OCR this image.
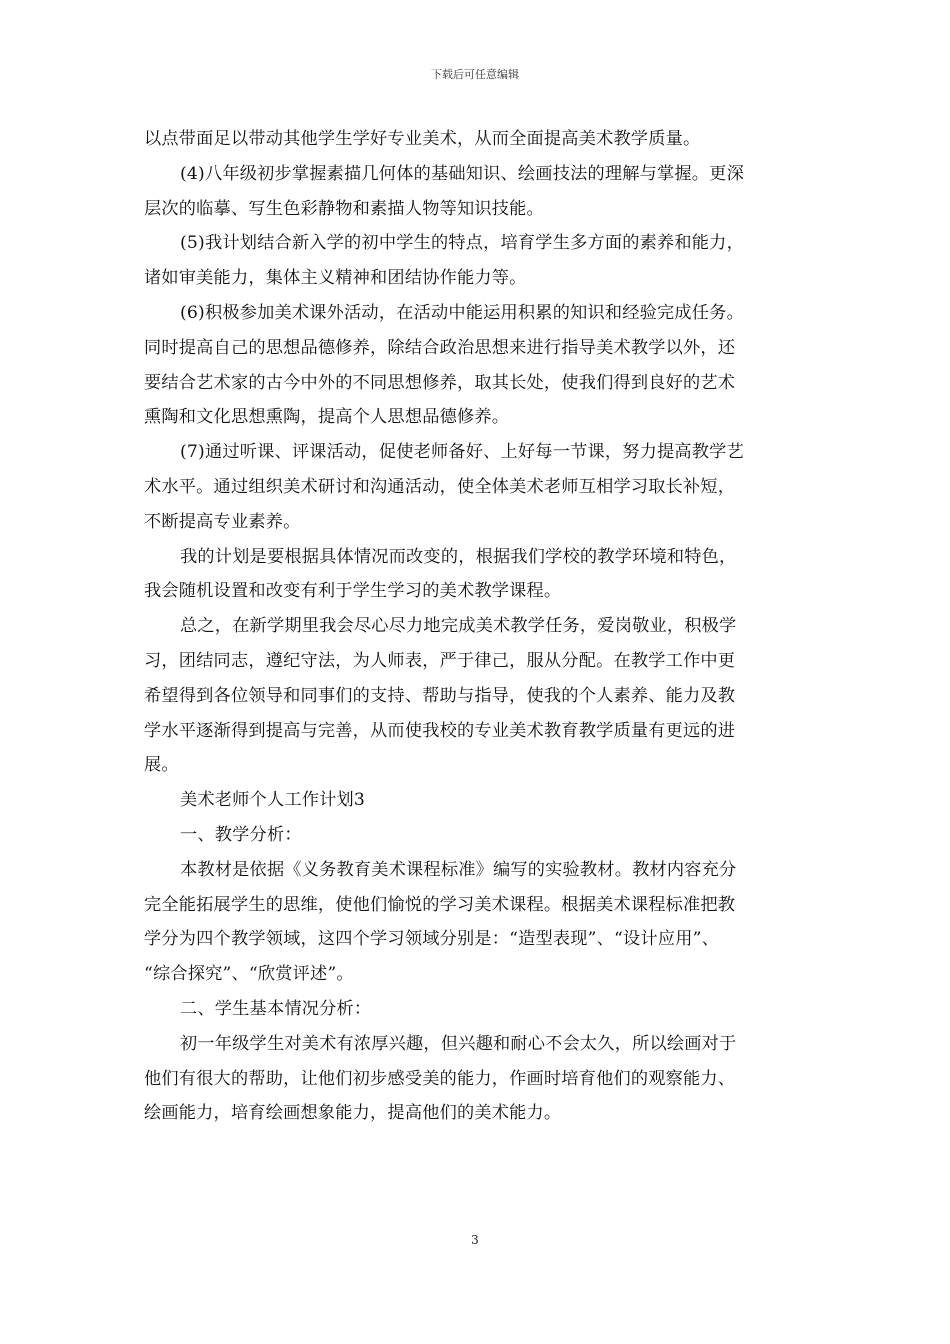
下载后可任意编辑
以点带面足以带动其他学生学好专业美术，从而全面提高美术教学质量。
(4)八年级初步掌握素描几何体的基础知识、绘画技法的理解与掌握。更深
层次的临摹、写生色彩静物和素描人物等知识技能。
(5)我计划结合新入学的初中学生的特点，培育学生多方面的素养和能力，
诸如审美能力，集体主义精神和团结协作能力等。
(6)积极参加美术课外活动，在活动中能运用积累的知识和经验完成任务。
同时提高自己的思想品德修养，除结合政治思想来进行指导美术教学以外，还
要结合艺术家的古今中外的不同思想修养，取其长处，使我们得到良好的艺术
熏陶和文化思想熏陶，提高个人思想品德修养。
(7)通过听课、评课活动，促使老师备好、上好每一节课，努力提高教学艺
术水平。通过组织美术研讨和沟通活动，使全体美术老师互相学习取长补短，
不断提高专业素养。
我的计划是要根据具体情况而改变的，根据我们学校的教学环境和特色，
我会随机设置和改变有利于学生学习的美术教学课程。
总之，在新学期里我会尽心尽力地完成美术教学任务，爱岗敬业，积极学
习，团结同志，遵纪守法，为人师表，严于律己，服从分配。在教学工作中更
希望得到各位领导和同事们的支持、帮助与指导，使我的个人素养、能力及教
学水平逐渐得到提高与完善，从而使我校的专业美术教育教学质量有更远的进
展。
美术老师个人工作计划3
一、教学分析：
本教材是依据《义务教育美术课程标准》编写的实验教材。教材内容充分
完全能拓展学生的思维，使他们愉悦的学习美术课程。根据美术课程标准把教
学分为四个教学领域，这四个学习领域分别是：“造型表现”、“设计应用”、
“综合探究”、“欣赏评述”。
二、学生基本情况分析：
初一年级学生对美术有浓厚兴趣，但兴趣和耐心不会太久，所以绘画对于
他们有很大的帮助，让他们初步感受美的能力，作画时培育他们的观察能力、
绘画能力，培育绘画想象能力，提高他们的美术能力。
3
